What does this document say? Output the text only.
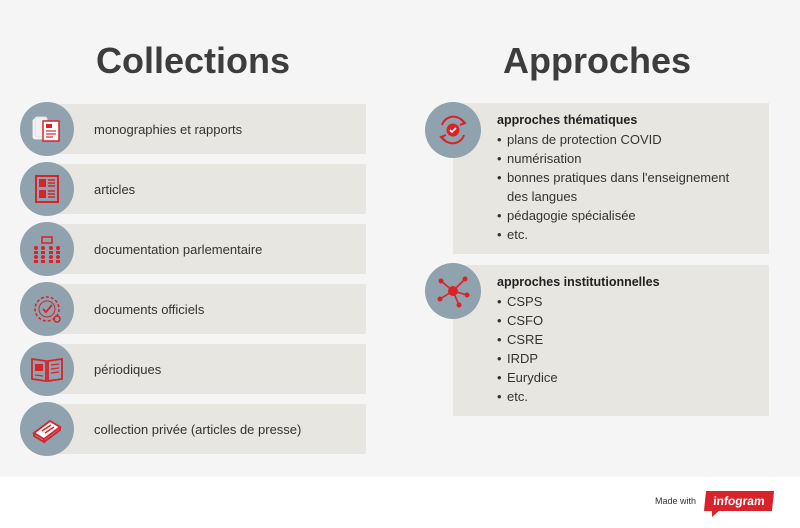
Collections	Approches
monographies et rapports
articles
documentation parlementaire
documents officiels
périodiques
collection privée (articles de presse)
approches thématiques
• plans de protection COVID
• numérisation
• bonnes pratiques dans l'enseignement des langues
• pédagogie spécialisée
• etc.
approches institutionnelles
• CSPS
• CSFO
• CSRE
• IRDP
• Eurydice
• etc.
Made with	infogram
